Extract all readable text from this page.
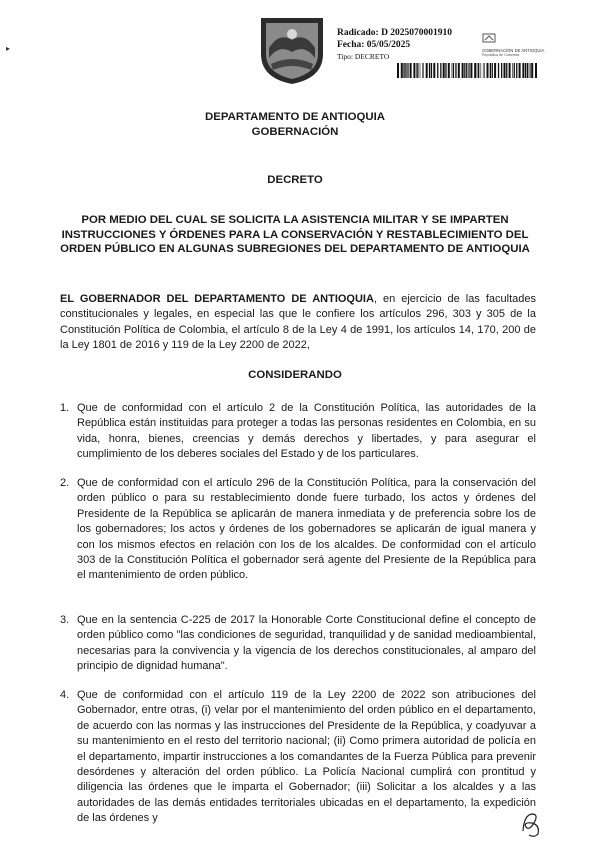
▸
Radicado: D 2025070001910
Fecha: 05/05/2025
Tipo: DECRETO
GOBERNACIÓN DE ANTIOQUIA
República de Colombia
DEPARTAMENTO DE ANTIOQUIA
GOBERNACIÓN
DECRETO
POR MEDIO DEL CUAL SE SOLICITA LA ASISTENCIA MILITAR Y SE IMPARTEN INSTRUCCIONES Y ÓRDENES PARA LA CONSERVACIÓN Y RESTABLECIMIENTO DEL ORDEN PÚBLICO EN ALGUNAS SUBREGIONES DEL DEPARTAMENTO DE ANTIOQUIA
EL GOBERNADOR DEL DEPARTAMENTO DE ANTIOQUIA, en ejercicio de las facultades constitucionales y legales, en especial las que le confiere los artículos 296, 303 y 305 de la Constitución Política de Colombia, el artículo 8 de la Ley 4 de 1991, los artículos 14, 170, 200 de la Ley 1801 de 2016 y 119 de la Ley 2200 de 2022,
CONSIDERANDO
1. Que de conformidad con el artículo 2 de la Constitución Política, las autoridades de la República están instituidas para proteger a todas las personas residentes en Colombia, en su vida, honra, bienes, creencias y demás derechos y libertades, y para asegurar el cumplimiento de los deberes sociales del Estado y de los particulares.
2. Que de conformidad con el artículo 296 de la Constitución Política, para la conservación del orden público o para su restablecimiento donde fuere turbado, los actos y órdenes del Presidente de la República se aplicarán de manera inmediata y de preferencia sobre los de los gobernadores; los actos y órdenes de los gobernadores se aplicarán de igual manera y con los mismos efectos en relación con los de los alcaldes. De conformidad con el artículo 303 de la Constitución Política el gobernador será agente del Presiente de la República para el mantenimiento de orden público.
3. Que en la sentencia C-225 de 2017 la Honorable Corte Constitucional define el concepto de orden público como "las condiciones de seguridad, tranquilidad y de sanidad medioambiental, necesarias para la convivencia y la vigencia de los derechos constitucionales, al amparo del principio de dignidad humana".
4. Que de conformidad con el artículo 119 de la Ley 2200 de 2022 son atribuciones del Gobernador, entre otras, (i) velar por el mantenimiento del orden público en el departamento, de acuerdo con las normas y las instrucciones del Presidente de la República, y coadyuvar a su mantenimiento en el resto del territorio nacional; (ii) Como primera autoridad de policía en el departamento, impartir instrucciones a los comandantes de la Fuerza Pública para prevenir desórdenes y alteración del orden público. La Policía Nacional cumplirá con prontitud y diligencia las órdenes que le imparta el Gobernador; (iii) Solicitar a los alcaldes y a las autoridades de las demás entidades territoriales ubicadas en el departamento, la expedición de las órdenes y
